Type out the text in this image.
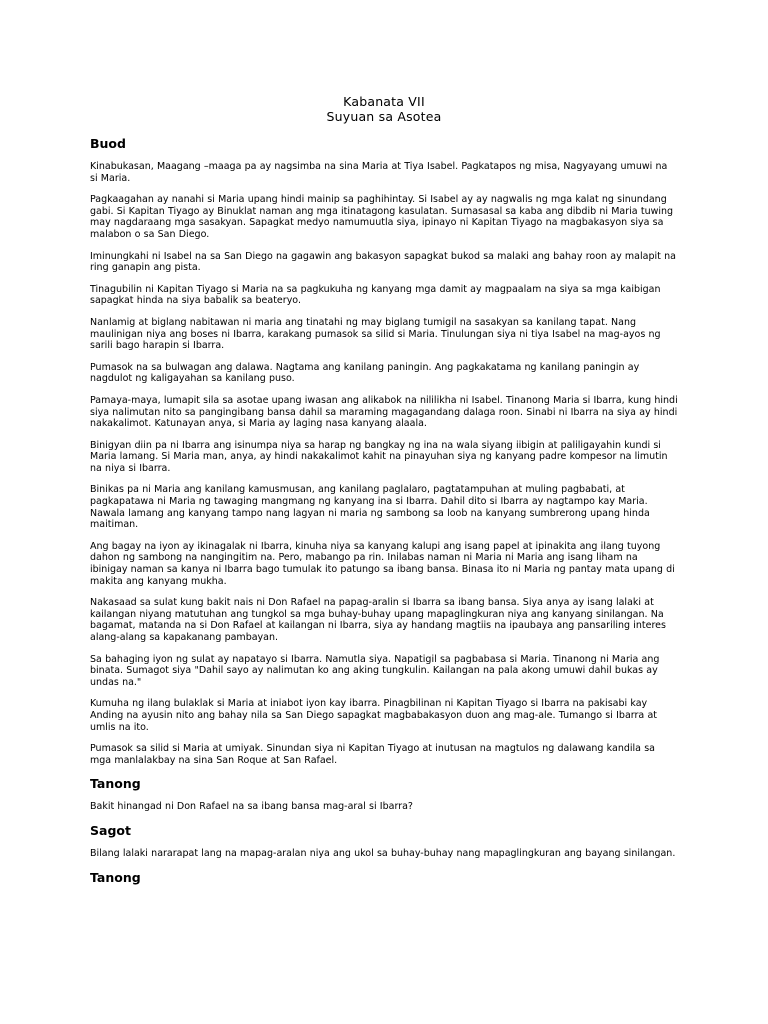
Kabanata VII
Suyuan sa Asotea
Buod

Kinabukasan, Maagang –maaga pa ay nagsimba na sina Maria at Tiya Isabel. Pagkatapos ng misa, Nagyayang umuwi na si Maria.

Pagkaagahan ay nanahi si Maria upang hindi mainip sa paghihintay. Si Isabel ay ay nagwalis ng mga kalat ng sinundang gabi. Si Kapitan Tiyago ay Binuklat naman ang mga itinatagong kasulatan. Sumasasal sa kaba ang dibdib ni Maria tuwing may nagdaraang mga sasakyan. Sapagkat medyo namumuutla siya, ipinayo ni Kapitan Tiyago na magbakasyon siya sa malabon o sa San Diego.

Iminungkahi ni Isabel na sa San Diego na gagawin ang bakasyon sapagkat bukod sa malaki ang bahay roon ay malapit na ring ganapin ang pista.

Tinagubilin ni Kapitan Tiyago si Maria na sa pagkukuha ng kanyang mga damit ay magpaalam na siya sa mga kaibigan sapagkat hinda na siya babalik sa beateryo.

Nanlamig at biglang nabitawan ni maria ang tinatahi ng may biglang tumigil na sasakyan sa kanilang tapat. Nang maulinigan niya ang boses ni Ibarra, karakang pumasok sa silid si Maria. Tinulungan siya ni tiya Isabel na mag-ayos ng sarili bago harapin si Ibarra.

Pumasok na sa bulwagan ang dalawa. Nagtama ang kanilang paningin. Ang pagkakatama ng kanilang paningin ay nagdulot ng kaligayahan sa kanilang puso.

Pamaya-maya, lumapit sila sa asotae upang iwasan ang alikabok na nililikha ni Isabel. Tinanong Maria si Ibarra, kung hindi siya nalimutan nito sa pangingibang bansa dahil sa maraming magagandang dalaga roon. Sinabi ni Ibarra na siya ay hindi nakakalimot. Katunayan anya, si Maria ay laging nasa kanyang alaala.

Binigyan diin pa ni Ibarra ang isinumpa niya sa harap ng bangkay ng ina na wala siyang iibigin at paliligayahin kundi si Maria lamang. Si Maria man, anya, ay hindi nakakalimot kahit na pinayuhan siya ng kanyang padre kompesor na limutin na niya si Ibarra.

Binikas pa ni Maria ang kanilang kamusmusan, ang kanilang paglalaro, pagtatampuhan at muling pagbabati, at pagkapatawa ni Maria ng tawaging mangmang ng kanyang ina si Ibarra. Dahil dito si Ibarra ay nagtampo kay Maria. Nawala lamang ang kanyang tampo nang lagyan ni maria ng sambong sa loob na kanyang sumbrerong upang hinda maitiman.

Ang bagay na iyon ay ikinagalak ni Ibarra, kinuha niya sa kanyang kalupi ang isang papel at ipinakita ang ilang tuyong dahon ng sambong na nangingitim na. Pero, mabango pa rin. Inilabas naman ni Maria ni Maria ang isang liham na ibinigay naman sa kanya ni Ibarra bago tumulak ito patungo sa ibang bansa. Binasa ito ni Maria ng pantay mata upang di makita ang kanyang mukha.

Nakasaad sa sulat kung bakit nais ni Don Rafael na papag-aralin si Ibarra sa ibang bansa. Siya anya ay isang lalaki at kailangan niyang matutuhan ang tungkol sa mga buhay-buhay upang mapaglingkuran niya ang kanyang sinilangan. Na bagamat, matanda na si Don Rafael at kailangan ni Ibarra, siya ay handang magtiis na ipaubaya ang pansariling interes alang-alang sa kapakanang pambayan.

Sa bahaging iyon ng sulat ay napatayo si Ibarra. Namutla siya. Napatigil sa pagbabasa si Maria. Tinanong ni Maria ang binata. Sumagot siya "Dahil sayo ay nalimutan ko ang aking tungkulin. Kailangan na pala akong umuwi dahil bukas ay undas na."

Kumuha ng ilang bulaklak si Maria at iniabot iyon kay ibarra. Pinagbilinan ni Kapitan Tiyago si Ibarra na pakisabi kay Anding na ayusin nito ang bahay nila sa San Diego sapagkat magbabakasyon duon ang mag-ale. Tumango si Ibarra at umlis na ito.

Pumasok sa silid si Maria at umiyak. Sinundan siya ni Kapitan Tiyago at inutusan na magtulos ng dalawang kandila sa mga manlalakbay na sina San Roque at San Rafael.

Tanong

Bakit hinangad ni Don Rafael na sa ibang bansa mag-aral si Ibarra?

Sagot

Bilang lalaki nararapat lang na mapag-aralan niya ang ukol sa buhay-buhay nang mapaglingkuran ang bayang sinilangan.

Tanong
